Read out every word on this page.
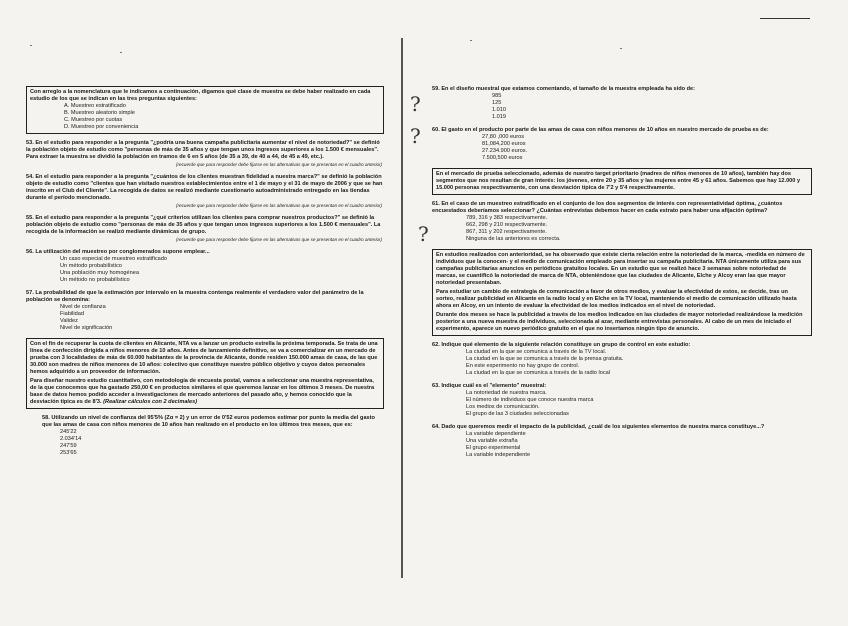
Con arreglo a la nomenclatura que le indicamos a continuación, digamos qué clase de muestra se debe haber realizado en cada estudio de los que se indican en las tres preguntas siguientes:
A. Muestreo estratificado
B. Muestreo aleatorio simple
C. Muestreo por cuotas
D. Muestreo por conveniencia
53. En el estudio para responder a la pregunta "¿podría una buena campaña publicitaria aumentar el nivel de notoriedad?" se definió la población objeto de estudio como "personas de más de 35 años y que tengan unos ingresos superiores a los 1.500 € mensuales". Para extraer la muestra se dividió la población en tramos de 6 en 5 años (de 35 a 39, de 40 a 44, de 45 a 49, etc.).
(recuerde que para responder debe fijarse en las alternativas que se presentan en el cuadro anterior)
54. En el estudio para responder a la pregunta "¿cuántos de los clientes muestran fidelidad a nuestra marca?" se definió la población objeto de estudio como "clientes que han visitado nuestros establecimientos entre el 1 de mayo y el 31 de mayo de 2006 y que se han inscrito en el Club del Cliente". La recogida de datos se realizó mediante cuestionario autoadministrado entregado en las tiendas durante el período mencionado.
(recuerde que para responder debe fijarse en las alternativas que se presentan en el cuadro anterior)
55. En el estudio para responder a la pregunta "¿qué criterios utilizan los clientes para comprar nuestros productos?" se definió la población objeto de estudio como "personas de más de 35 años y que tengan unos ingresos superiores a los 1.500 € mensuales". La recogida de la información se realizó mediante dinámicas de grupo.
(recuerde que para responder debe fijarse en las alternativas que se presentan en el cuadro anterior)
56. La utilización del muestreo por conglomerados supone emplear...
Un caso especial de muestreo estratificado
Un método probabilístico
Una población muy homogénea
Un método no probabilístico
57. La probabilidad de que la estimación por intervalo en la muestra contenga realmente el verdadero valor del parámetro de la población se denomina:
Nivel de confianza
Fiabilidad
Validez
Nivel de significación
Con el fin de recuperar la cuota de clientes en Alicante, NTA va a lanzar un producto estrella la próxima temporada. Se trata de una línea de confección dirigida a niños menores de 10 años. Antes de lanzamiento definitivo, se va a comercializar en un mercado de prueba con 3 localidades de más de 60.000 habitantes de la provincia de Alicante, donde residen 150.000 amas de casa, de las que 30.000 son madres de niños menores de 10 años: colectivo que constituye nuestro público objetivo y cuyos datos personales hemos adquirido a un proveedor de información.
Para diseñar nuestro estudio cuantitativo, con metodología de encuesta postal, vamos a seleccionar una muestra representativa, de la que conocemos que ha gastado 250,00 € en productos similares el que queremos lanzar en los últimos 3 meses. De nuestra base de datos hemos podido acceder a investigaciones de mercado anteriores del pasado año, y hemos conocido que la desviación típica es de 8'3. (Realizar cálculos con 2 decimales)
58. Utilizando un nivel de confianza del 95'5% (Zα = 2) y un error de 0'52 euros podemos estimar por punto la media del gasto que las amas de casa con niños menores de 10 años han realizado en el producto en los últimos tres meses, que es:
245'22
2.034'14
247'59
253'65
59. En el diseño muestral que estamos comentando, el tamaño de la muestra empleada ha sido de:
985
125
1.010
1.019
60. El gasto en el producto por parte de las amas de casa con niños menores de 10 años en nuestro mercado de prueba es de:
27,80 ,000 euros
81,084,200 euros
27.234.900 euros.
7.500,500 euros
En el mercado de prueba seleccionado, además de nuestro target prioritario (madres de niños menores de 10 años), también hay dos segmentos que nos resultan de gran interés: los jóvenes, entre 20 y 35 años y las mujeres entre 45 y 61 años. Sabemos que hay 12.000 y 15.000 personas respectivamente, con una desviación típica de 7'2 y 5'4 respectivamente.
61. En el caso de un muestreo estratificado en el conjunto de los dos segmentos de interés con representatividad óptima, ¿cuántos encuestados deberíamos seleccionar? ¿Cuántas entrevistas debemos hacer en cada estrato para haber una afijación óptima?
789, 316 y 383 respectivamente.
662, 298 y 210 respectivamente.
867, 311 y 202 respectivamente.
Ninguna de las anteriores es correcta.
En estudios realizados con anterioridad, se ha observado que existe cierta relación entre la notoriedad de la marca, -medida en número de individuos que la conocen- y el medio de comunicación empleado para insertar su campaña publicitaria. NTA únicamente utiliza para sus campañas publicitarias anuncios en periódicos gratuitos locales. En un estudio que se realizó hace 3 semanas sobre notoriedad de marcas, se cuantificó la notoriedad de marca de NTA, obteniéndose que las ciudades de Alicante, Elche y Alcoy eran las que mayor notoriedad presentaban.
Para estudiar un cambio de estrategia de comunicación a favor de otros medios, y evaluar la efectividad de estos, se decide, tras un sorteo, realizar publicidad en Alicante en la radio local y en Elche en la TV local, manteniendo el medio de comunicación utilizado hasta ahora en Alcoy, en un intento de evaluar la efectividad de los medios indicados en el nivel de notoriedad.
Durante dos meses se hace la publicidad a través de los medios indicados en las ciudades de mayor notoriedad realizándose la medición posterior a una nueva muestra de individuos, seleccionada al azar, mediante entrevistas personales. Al cabo de un mes de iniciado el experimento, aparece un nuevo periódico gratuito en el que no insertamos ningún tipo de anuncio.
62. Indique qué elemento de la siguiente relación constituye un grupo de control en este estudio:
La ciudad en la que se comunica a través de la TV local.
La ciudad en la que se comunica a través de la prensa gratuita.
En este experimento no hay grupo de control.
La ciudad en la que se comunica a través de la radio local
63. Indique cuál es el "elemento" muestral:
La notoriedad de nuestra marca.
El número de individuos que conoce nuestra marca
Los medios de comunicación.
El grupo de las 3 ciudades seleccionadas
64. Dado que queremos medir el impacto de la publicidad, ¿cuál de los siguientes elementos de nuestra marca constituye...?
La variable dependiente
Una variable extraña
El grupo experimental
La variable independiente
?
?
?
